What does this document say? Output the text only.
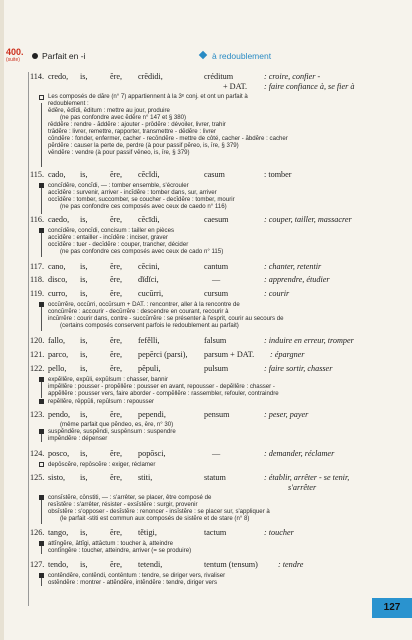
400.
(suite)	Parfait en -i	à redoublement
114. credo, is,	ĕre, crēdidi,	créditum	: croire, confier -
+ DAT. : faire confiance à, se fier à
Les composés de dăre (n° 7) appartiennent à la 3ᵉ conj. et ont un parfait à
redoublement :
ēdĕre, ēdĭdi, ēditum : mettre au jour, produire
(ne pas confondre avec ĕdĕre n° 147 et § 380)
rēddĕre : rendre - ăddĕre : ajouter - prōdĕre : dévoiler, livrer, trahir
trādĕre : livrer, remettre, rapporter, transmettre - dēdĕre : livrer
cōndĕre : fonder, enfermer, cacher - recōndĕre - mettre de côté, cacher - ăbdĕre : cacher
pĕrdĕre : causer la perte de, perdre (à pour passif pĕreo, is, īre, § 379)
vēndĕre : vendre (à pour passif vēneo, is, īre, § 379)
115. cado, is,	ĕre, cĕcĭdi,	casum	: tomber
concĭdĕre, concĭdi, — : tomber ensemble, s'écrouler
accĭdĕre : survenir, arriver - incĭdĕre : tomber dans, sur, arriver
occĭdĕre : tomber, succomber, se coucher - decĭdĕre : tomber, mourir
(ne pas confondre ces composés avec ceux de caedo n° 116)
116. caedo, is,	ĕre, cĕcīdi,	caesum	: couper, tailler, massacrer
concīdĕre, concīdi, concisum : tailler en pièces
accīdĕre : entailler - incīdĕre : inciser, graver
occīdĕre : tuer - decīdĕre : couper, trancher, décider
(ne pas confondre ces composés avec ceux de cado n° 115)
117. cano, is,	ĕre, cĕcini,	cantum	: chanter, retentir
118. disco, is,	ĕre, dĭdĭci,	—	: apprendre, étudier
119. curro, is,	ĕre, cucūrri,	cursum	: courir
occŭrrĕre, occŭrri, occŭrsum + DAT. : rencontrer, aller à la rencontre de
concŭrrĕre : accourir - decŭrrĕre : descendre en courant, recourir à
incŭrrĕre : courir dans, contre - succŭrrĕre : se présenter à l'esprit, courir au secours de
(certains composés conservent parfois le redoublement au parfait)
120. fallo, is,	ĕre, fefělli,	falsum	: induire en erreur, tromper
121. parco, is,	ĕre, pepērci (parsi), parsum + DAT. : épargner
122. pello, is,	ĕre, pĕpuli,	pulsum	: faire sortir, chasser
expĕllĕre, expŭli, expŭlsum : chasser, bannir
impĕllĕre : pousser - propĕllĕre : pousser en avant, repousser - depĕllĕre : chasser -
appĕllĕre : pousser vers, faire aborder - compĕllĕre : rassembler, refouler, contraindre
repĕllĕre, rēppŭli, repŭlsum : repousser
123. pendo, is,	ĕre, pependi,	pensum	: peser, payer
(même parfait que pĕndeo, es, ēre, n° 30)
suspĕndĕre, suspĕndi, suspēnsum : suspendre
impĕndĕre : dépenser
124. posco, is,	ĕre, popōsci,	—	: demander, réclamer
depōscĕre, repōscĕre : exiger, réclamer
125. sisto, is,	ĕre, stiti,	statum	: établir, arrêter - se tenir,
s'arrêter
consĭstĕre, cōnstiti, — : s'arrêter, se placer, être composé de
resĭstĕre : s'arrêter, résister - exsĭstĕre : surgir, provenir
obsĭstĕre : s'opposer - desĭstĕre : renoncer - insĭstĕre : se placer sur, s'appliquer à
(le parfait -stiti est commun aux composés de sistĕre et de stare (n° 8)
126. tango, is,	ĕre, tětigi,	tactum	: toucher
attĭngĕre, āttĭgi, attāctum : toucher à, atteindre
contĭngĕre : toucher, atteindre, arriver (= se produire)
127. tendo, is,	ĕre, tetendi,	tentum (tensum) : tendre
contĕndĕre, contĕndi, contēntum : tendre, se diriger vers, rivaliser
ostĕndĕre : montrer - attĕndĕre, intĕndĕre : tendre, diriger vers
127
